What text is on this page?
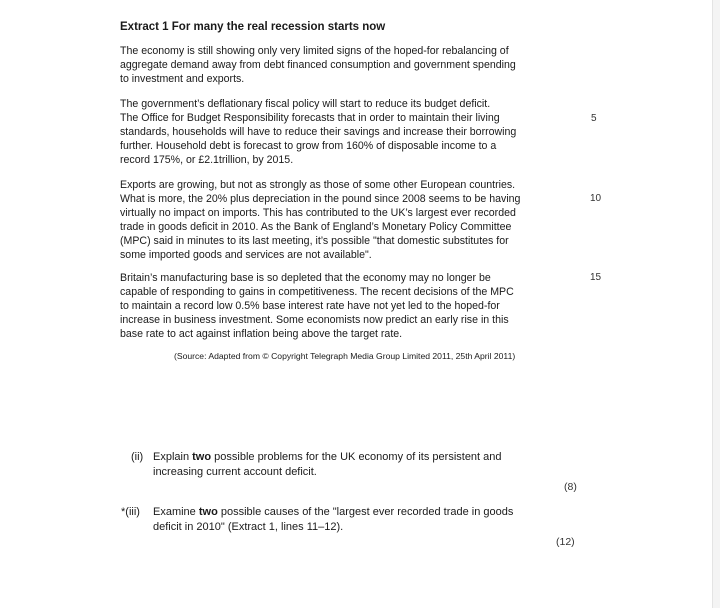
Extract 1 For many the real recession starts now

The economy is still showing only very limited signs of the hoped-for rebalancing of
aggregate demand away from debt financed consumption and government spending
to investment and exports.

The government’s deflationary fiscal policy will start to reduce its budget deficit.
The Office for Budget Responsibility forecasts that in order to maintain their living
standards, households will have to reduce their savings and increase their borrowing
further. Household debt is forecast to grow from 160% of disposable income to a
record 175%, or £2.1trillion, by 2015.

Exports are growing, but not as strongly as those of some other European countries.
What is more, the 20% plus depreciation in the pound since 2008 seems to be having
virtually no impact on imports. This has contributed to the UK’s largest ever recorded
trade in goods deficit in 2010. As the Bank of England’s Monetary Policy Committee
(MPC) said in minutes to its last meeting, it’s possible "that domestic substitutes for
some imported goods and services are not available".

Britain’s manufacturing base is so depleted that the economy may no longer be
capable of responding to gains in competitiveness. The recent decisions of the MPC
to maintain a record low 0.5% base interest rate have not yet led to the hoped-for
increase in business investment. Some economists now predict an early rise in this
base rate to act against inflation being above the target rate.

5
10
15
(Source: Adapted from © Copyright Telegraph Media Group Limited 2011, 25th April 2011)
(ii) Explain two possible problems for the UK economy of its persistent and
increasing current account deficit.
(8)
*(iii) Examine two possible causes of the "largest ever recorded trade in goods
deficit in 2010" (Extract 1, lines 11–12).
(12)
